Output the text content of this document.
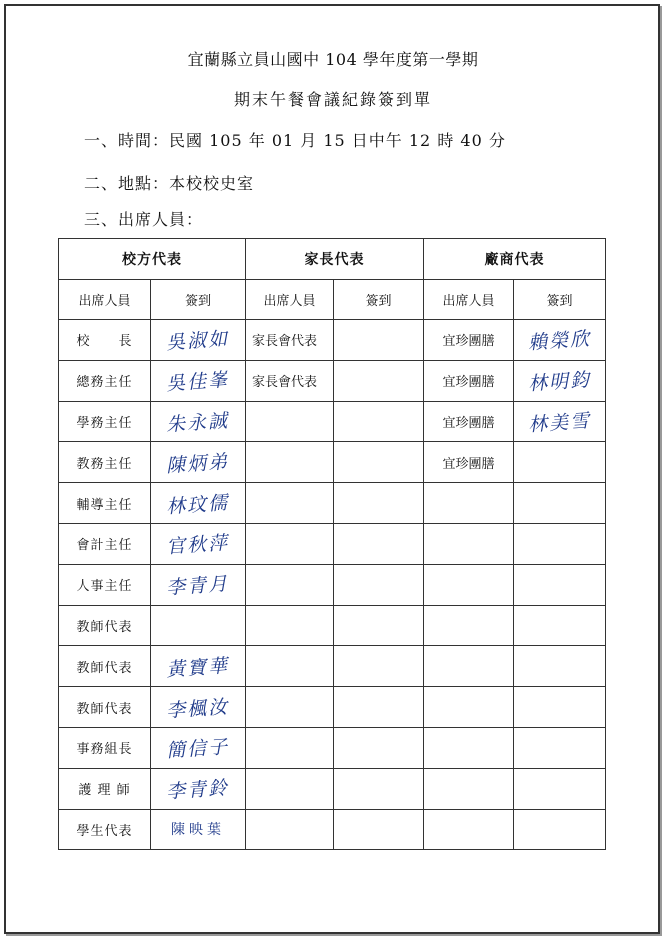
宜蘭縣立員山國中 104 學年度第一學期
期末午餐會議紀錄簽到單
一、時間：民國 105 年 01 月 15 日中午 12 時 40 分
二、地點：本校校史室
三、出席人員：
校方代表		家長代表		廠商代表	
出席人員	簽到	出席人員	簽到	出席人員	簽到
校　　長	吳淑如	家長會代表		宜珍團膳	賴榮欣
總務主任	吳佳峯	家長會代表		宜珍團膳	林明鈞
學務主任	朱永誠			宜珍團膳	林美雪
教務主任	陳炳弟			宜珍團膳	
輔導主任	林玟儒				
會計主任	官秋萍				
人事主任	李青月				
教師代表					
教師代表	黃寶華				
教師代表	李楓汝				
事務組長	簡信子				
護 理 師	李青鈴				
學生代表	陳映葉				
